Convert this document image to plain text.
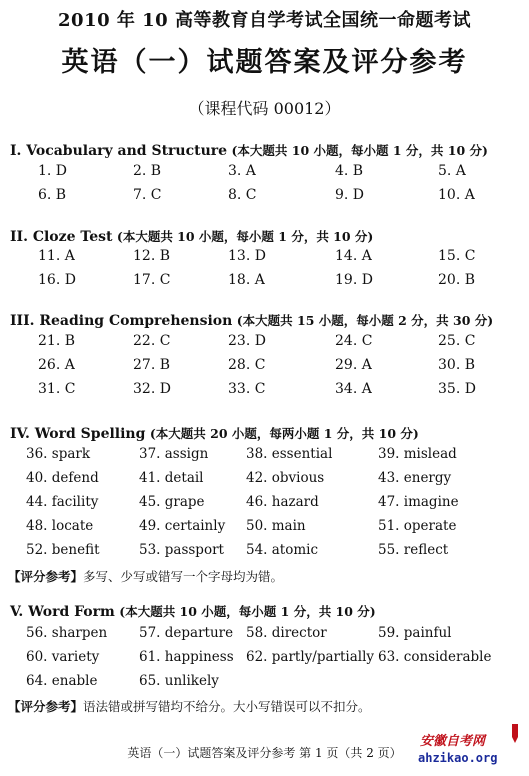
2010 年 10 高等教育自学考试全国统一命题考试
英语（一）试题答案及评分参考
（课程代码 00012）
I. Vocabulary and Structure (本大题共 10 小题，每小题 1 分，共 10 分)
1. D	2. B	3. A	4. B	5. A
6. B	7. C	8. C	9. D	10. A
II. Cloze Test (本大题共 10 小题，每小题 1 分，共 10 分)
11. A	12. B	13. D	14. A	15. C
16. D	17. C	18. A	19. D	20. B
III. Reading Comprehension (本大题共 15 小题，每小题 2 分，共 30 分)
21. B	22. C	23. D	24. C	25. C
26. A	27. B	28. C	29. A	30. B
31. C	32. D	33. C	34. A	35. D
IV. Word Spelling (本大题共 20 小题，每两小题 1 分，共 10 分)
36. spark	37. assign	38. essential	39. mislead
40. defend	41. detail	42. obvious	43. energy
44. facility	45. grape	46. hazard	47. imagine
48. locate	49. certainly 50. main	51. operate
52. benefit	53. passport 54. atomic	55. reflect
【评分参考】多写、少写或错写一个字母均为错。
V. Word Form (本大题共 10 小题，每小题 1 分，共 10 分)
56. sharpen 57. departure 58. director	59. painful
60. variety	61. happiness 62. partly/partially 63. considerable
64. enable	65. unlikely
【评分参考】语法错或拼写错均不给分。大小写错误可以不扣分。
英语（一）试题答案及评分参考 第 1 页（共 2 页）
安徽自考网
ahzikao.org
